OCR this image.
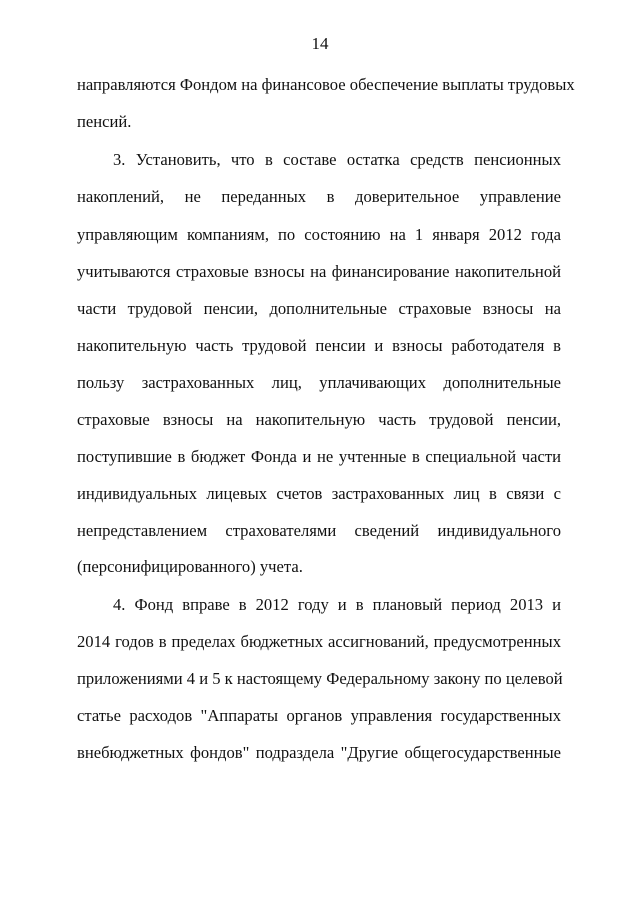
14
направляются Фондом на финансовое обеспечение выплаты трудовых
пенсий.
3. Установить, что в составе остатка средств пенсионных
накоплений, не переданных в доверительное управление
управляющим компаниям, по состоянию на 1 января 2012 года
учитываются страховые взносы на финансирование накопительной
части трудовой пенсии, дополнительные страховые взносы на
накопительную часть трудовой пенсии и взносы работодателя в
пользу застрахованных лиц, уплачивающих дополнительные
страховые взносы на накопительную часть трудовой пенсии,
поступившие в бюджет Фонда и не учтенные в специальной части
индивидуальных лицевых счетов застрахованных лиц в связи с
непредставлением страхователями сведений индивидуального
(персонифицированного) учета.
4. Фонд вправе в 2012 году и в плановый период 2013 и
2014 годов в пределах бюджетных ассигнований, предусмотренных
приложениями 4 и 5 к настоящему Федеральному закону по целевой
статье расходов "Аппараты органов управления государственных
внебюджетных фондов" подраздела "Другие общегосударственные
